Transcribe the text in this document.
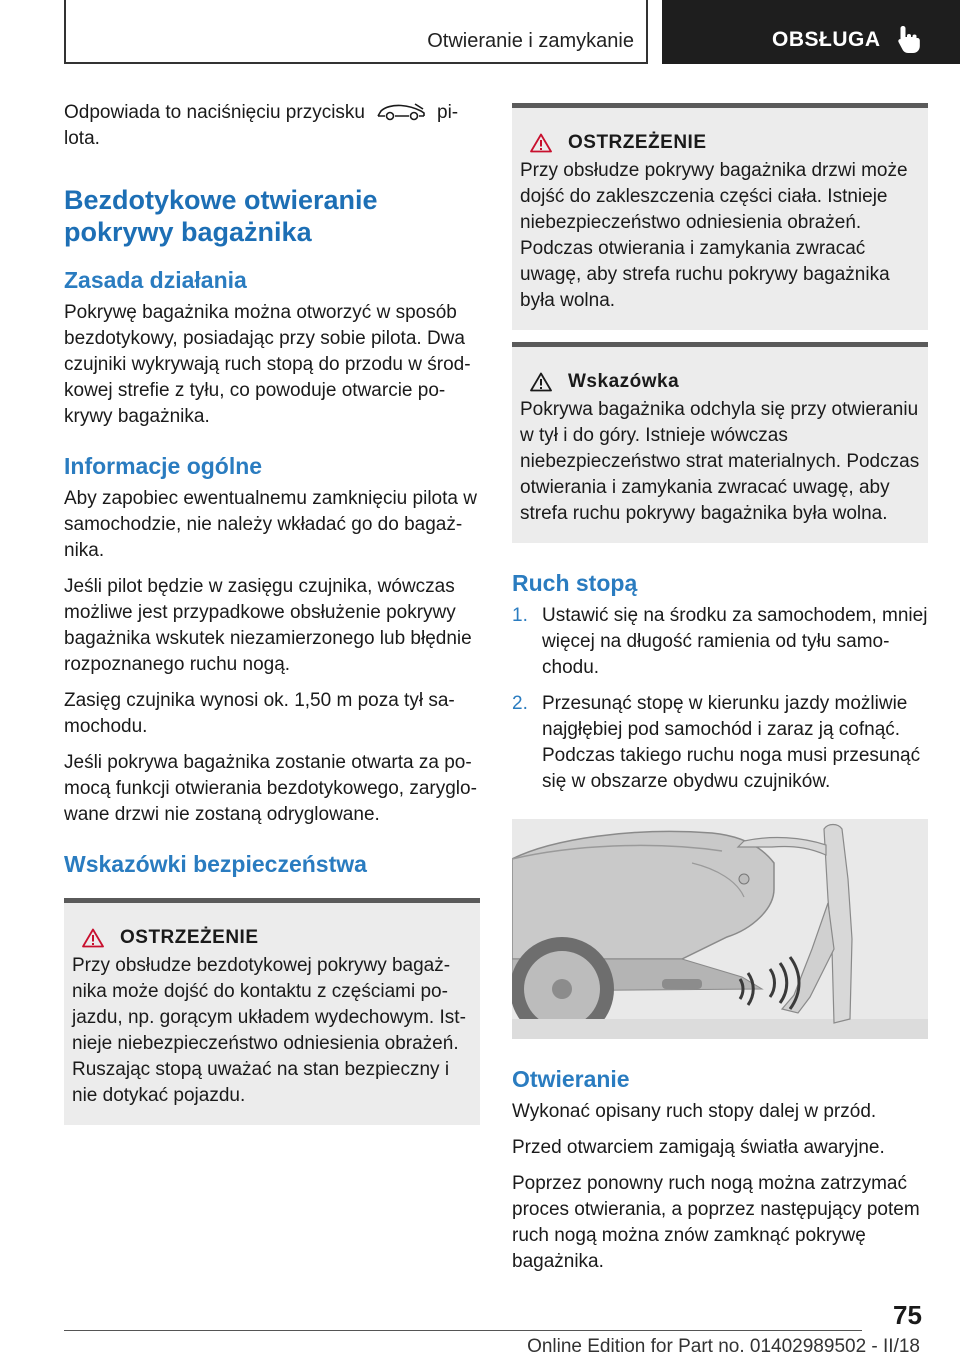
Otwieranie i zamykanie	OBSŁUGA

Odpowiada to naciśnięciu przycisku	pilota.

Bezdotykowe otwieranie pokrywy bagażnika
Zasada działania

Pokrywę bagażnika można otworzyć w sposób bezdotykowy, posiadając przy sobie pilota. Dwa czujniki wykrywają ruch stopą do przodu w środkowej strefie z tyłu, co powoduje otwarcie pokrywy bagażnika.

Informacje ogólne

Aby zapobiec ewentualnemu zamknięciu pilota w samochodzie, nie należy wkładać go do bagażnika.

Jeśli pilot będzie w zasięgu czujnika, wówczas możliwe jest przypadkowe obsłużenie pokrywy bagażnika wskutek niezamierzonego lub błędnie rozpoznanego ruchu nogą.

Zasięg czujnika wynosi ok. 1,50 m poza tył samochodu.

Jeśli pokrywa bagażnika zostanie otwarta za pomocą funkcji otwierania bezdotykowego, zaryglowane drzwi nie zostaną odryglowane.

Wskazówki bezpieczeństwa
OSTRZEŻENIE

Przy obsłudze bezdotykowej pokrywy bagażnika może dojść do kontaktu z częściami pojazdu, np. gorącym układem wydechowym. Istnieje niebezpieczeństwo odniesienia obrażeń. Ruszając stopą uważać na stan bezpieczny i nie dotykać pojazdu.

OSTRZEŻENIE

Przy obsłudze pokrywy bagażnika drzwi może dojść do zakleszczenia części ciała. Istnieje niebezpieczeństwo odniesienia obrażeń. Podczas otwierania i zamykania zwracać uwagę, aby strefa ruchu pokrywy bagażnika była wolna.

Wskazówka

Pokrywa bagażnika odchyla się przy otwieraniu w tył i do góry. Istnieje wówczas niebezpieczeństwo strat materialnych. Podczas otwierania i zamykania zwracać uwagę, aby strefa ruchu pokrywy bagażnika była wolna.

Ruch stopą
1. Ustawić się na środku za samochodem, mniej więcej na długość ramienia od tyłu samochodu.
2. Przesunąć stopę w kierunku jazdy możliwie najgłębiej pod samochód i zaraz ją cofnąć. Podczas takiego ruchu noga musi przesunąć się w obszarze obydwu czujników.
Otwieranie

Wykonać opisany ruch stopy dalej w przód.

Przed otwarciem zamigają światła awaryjne.

Poprzez ponowny ruch nogą można zatrzymać proces otwierania, a poprzez następujący potem ruch nogą można znów zamknąć pokrywę bagażnika.

75
Online Edition for Part no. 01402989502 - II/18
